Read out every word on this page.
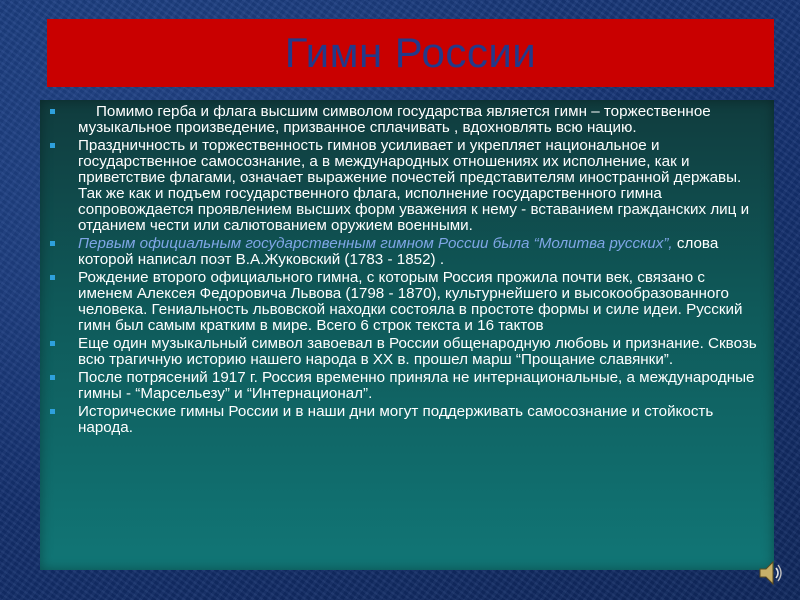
Гимн России
Помимо герба и флага высшим символом государства является гимн – торжественное музыкальное произведение, призванное сплачивать , вдохновлять всю нацию.
Праздничность и торжественность гимнов усиливает и укрепляет национальное и государственное самосознание, а в международных отношениях их исполнение, как и приветствие флагами, означает выражение почестей представителям иностранной державы. Так же как и подъем государственного флага, исполнение государственного гимна сопровождается проявлением высших форм уважения к нему - вставанием гражданских лиц и отданием чести или салютованием оружием военными.
Первым официальным государственным гимном России была “Молитва русских”, слова которой написал поэт В.А.Жуковский (1783 - 1852) .
Рождение второго официального гимна, с которым Россия прожила почти век, связано с именем Алексея Федоровича Львова (1798 - 1870), культурнейшего и высокообразованного человека. Гениальность львовской находки состояла в простоте формы и силе идеи. Русский гимн был самым кратким в мире. Всего 6 строк текста и 16 тактов
Еще один музыкальный символ завоевал в России общенародную любовь и признание. Сквозь всю трагичную историю нашего народа в XX в. прошел марш “Прощание славянки”.
После потрясений 1917 г. Россия временно приняла не интернациональные, а международные гимны - “Марсельезу” и “Интернационал”.
Исторические гимны России и в наши дни могут поддерживать самосознание и стойкость народа.
